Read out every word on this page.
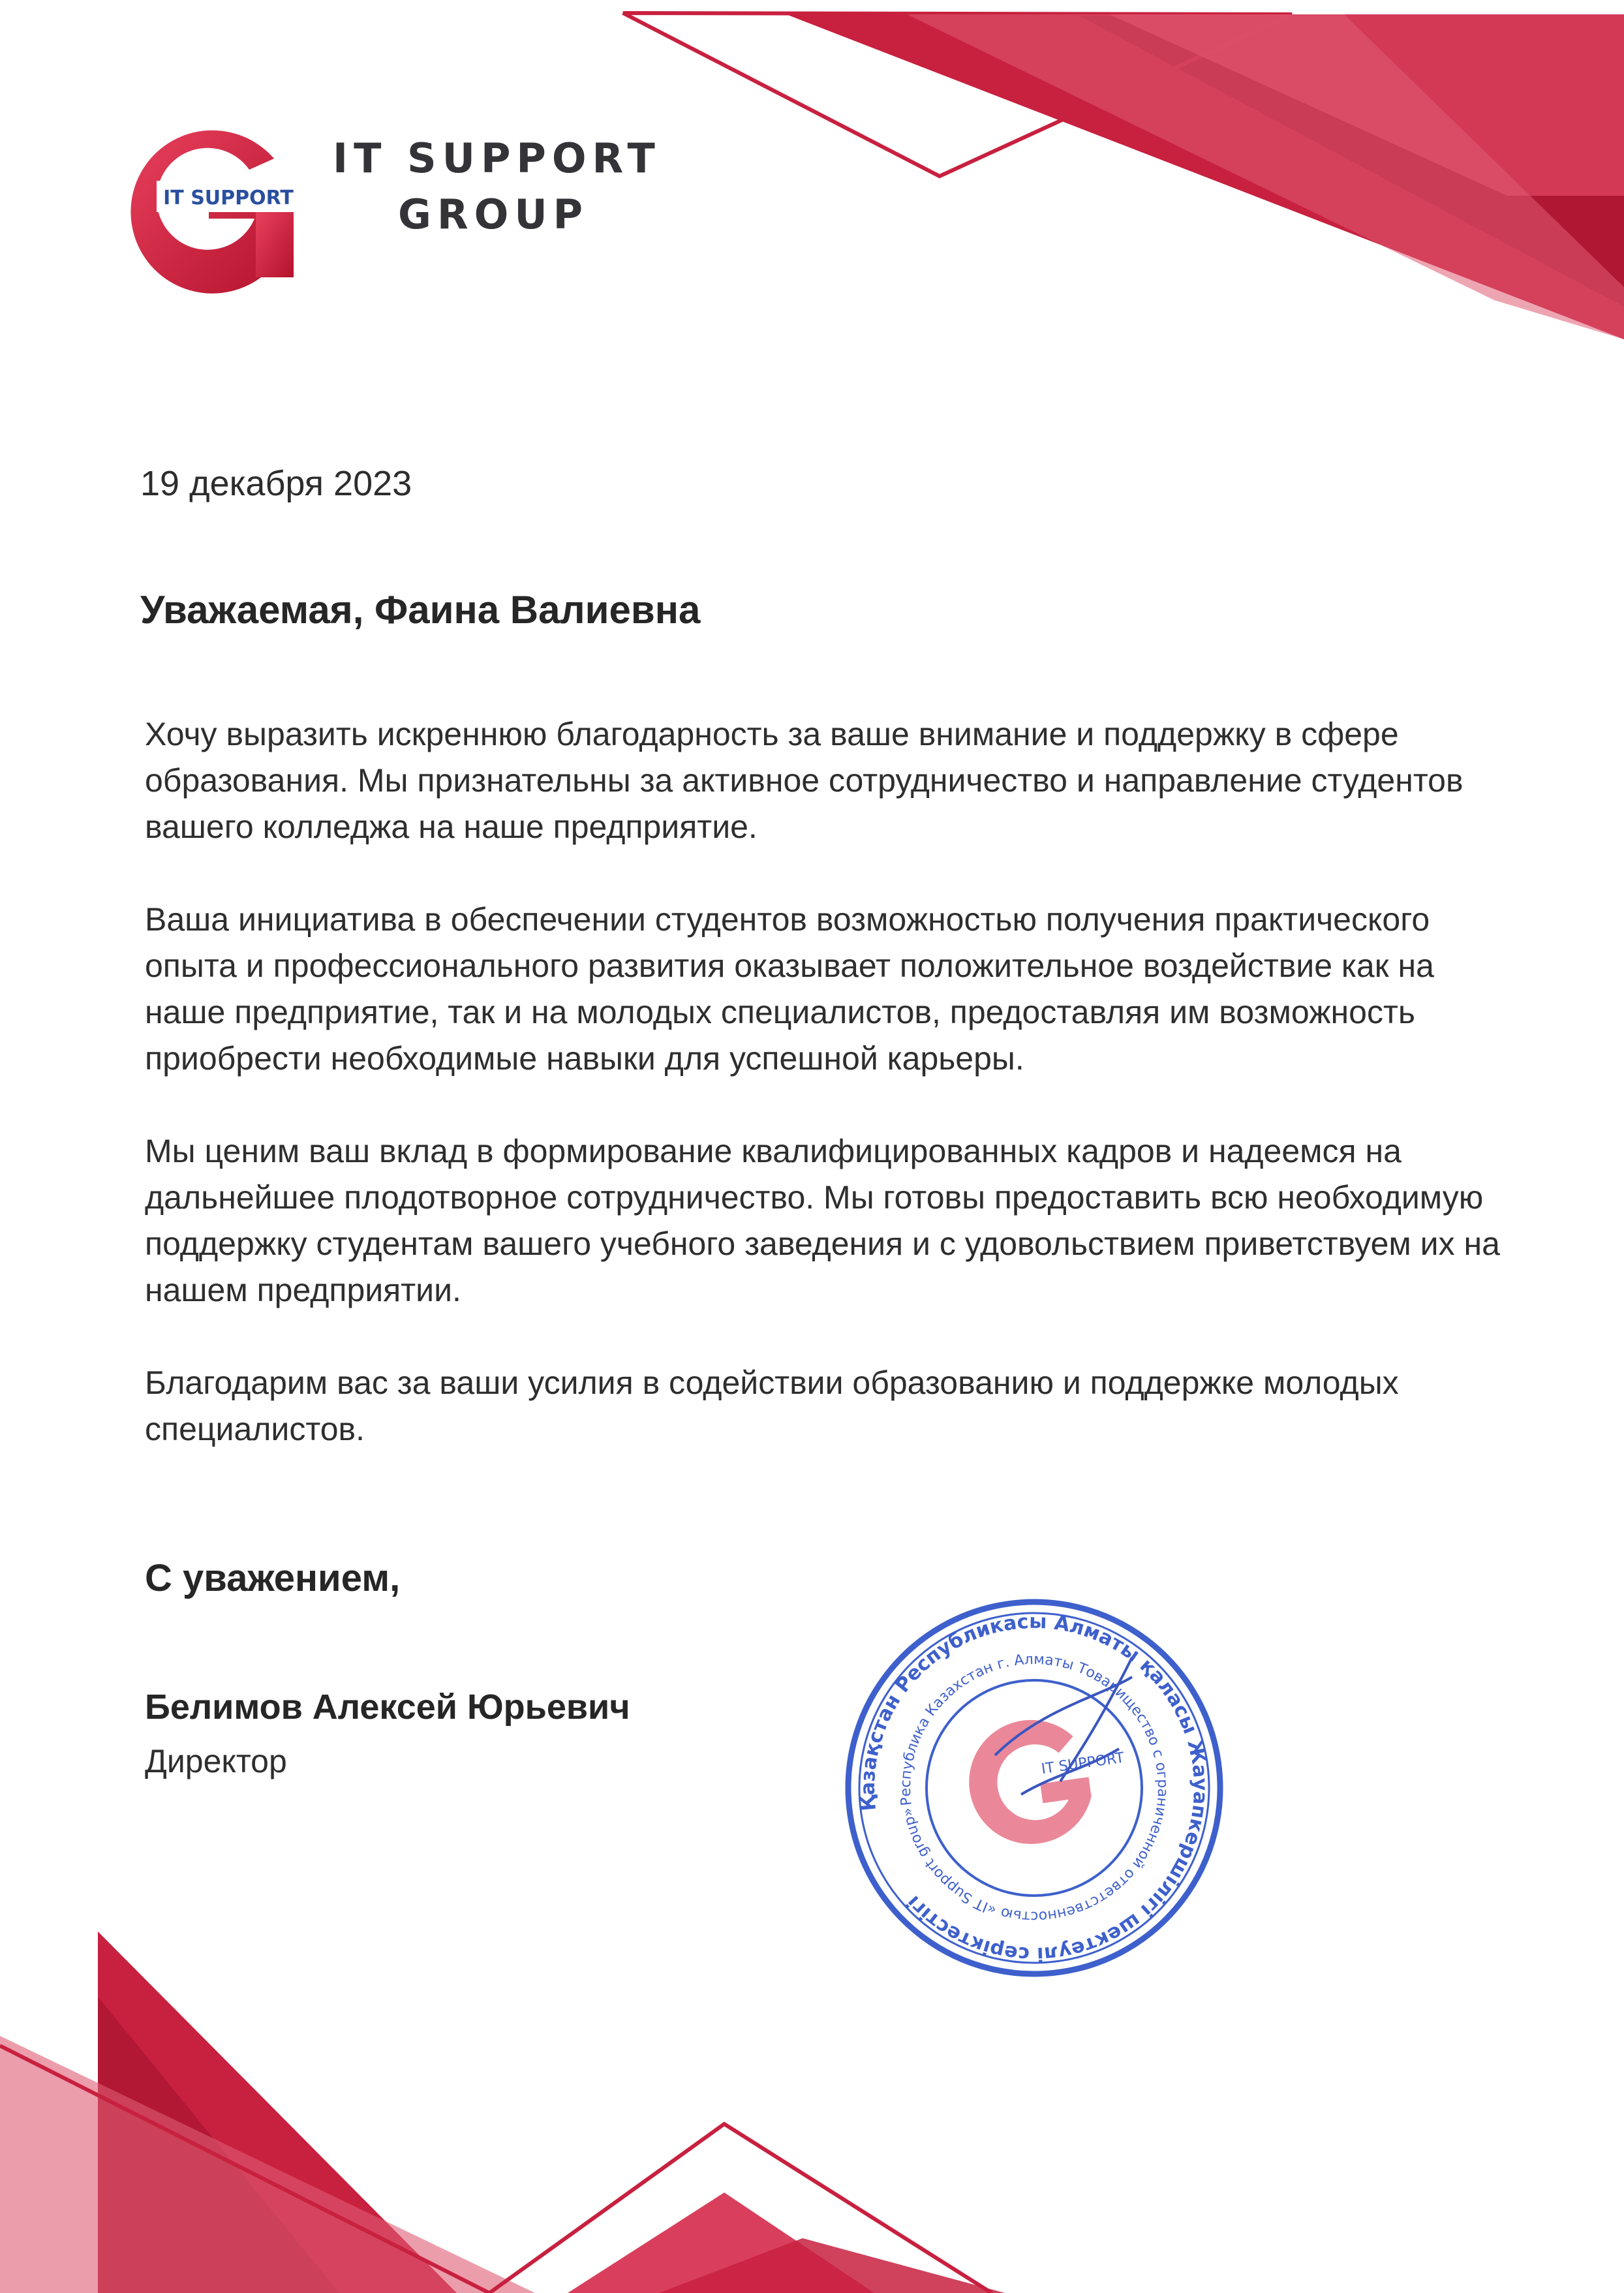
IT SUPPORT
IT SUPPORT
GROUP
19 декабря 2023
Уважаемая, Фаина Валиевна

Хочу выразить искреннюю благодарность за ваше внимание и поддержку в сфере образования. Мы признательны за активное сотрудничество и направление студентов вашего колледжа на наше предприятие.

Ваша инициатива в обеспечении студентов возможностью получения практического опыта и профессионального развития оказывает положительное воздействие как на наше предприятие, так и на молодых специалистов, предоставляя им возможность приобрести необходимые навыки для успешной карьеры.

Мы ценим ваш вклад в формирование квалифицированных кадров и надеемся на дальнейшее плодотворное сотрудничество. Мы готовы предоставить всю необходимую поддержку студентам вашего учебного заведения и с удовольствием приветствуем их на нашем предприятии.

Благодарим вас за ваши усилия в содействии образованию и поддержке молодых специалистов.

С уважением,
Белимов Алексей Юрьевич
Директор
Қазақстан Республикасы Алматы қаласы Жауапкершілігі шектеулі серіктестігі
Республика Казахстан г. Алматы Товарищество с ограниченной ответственностью «IT Support group»
IT SUPPORT
